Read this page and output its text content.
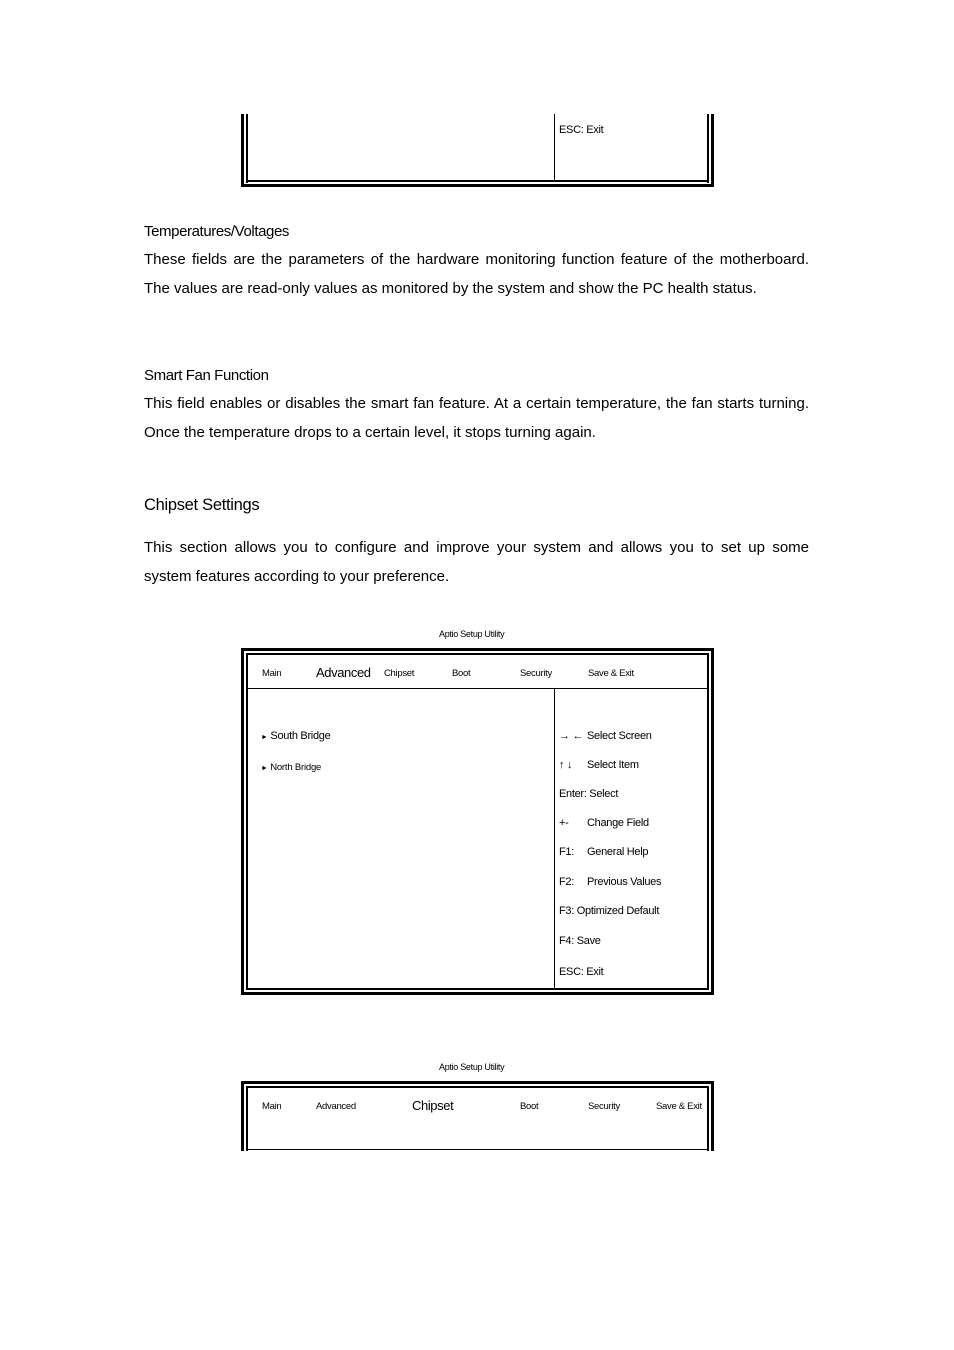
ESC: Exit
Temperatures/Voltages
These fields are the parameters of the hardware monitoring function feature of the motherboard. The values are read-only values as monitored by the system and show the PC health status.
Smart Fan Function
This field enables or disables the smart fan feature. At a certain temperature, the fan starts turning. Once the temperature drops to a certain level, it stops turning again.
Chipset Settings
This section allows you to configure and improve your system and allows you to set up some system features according to your preference.
Aptio Setup Utility
Main	Advanced Chipset	Boot	Security	Save & Exit
► South Bridge
► North Bridge
→ ← Select Screen
↑ ↓ Select Item
Enter: Select
+- Change Field
F1: General Help
F2: Previous Values
F3: Optimized Default
F4: Save
ESC: Exit
Aptio Setup Utility
Main	Advanced	Chipset	Boot	Security	Save & Exit
